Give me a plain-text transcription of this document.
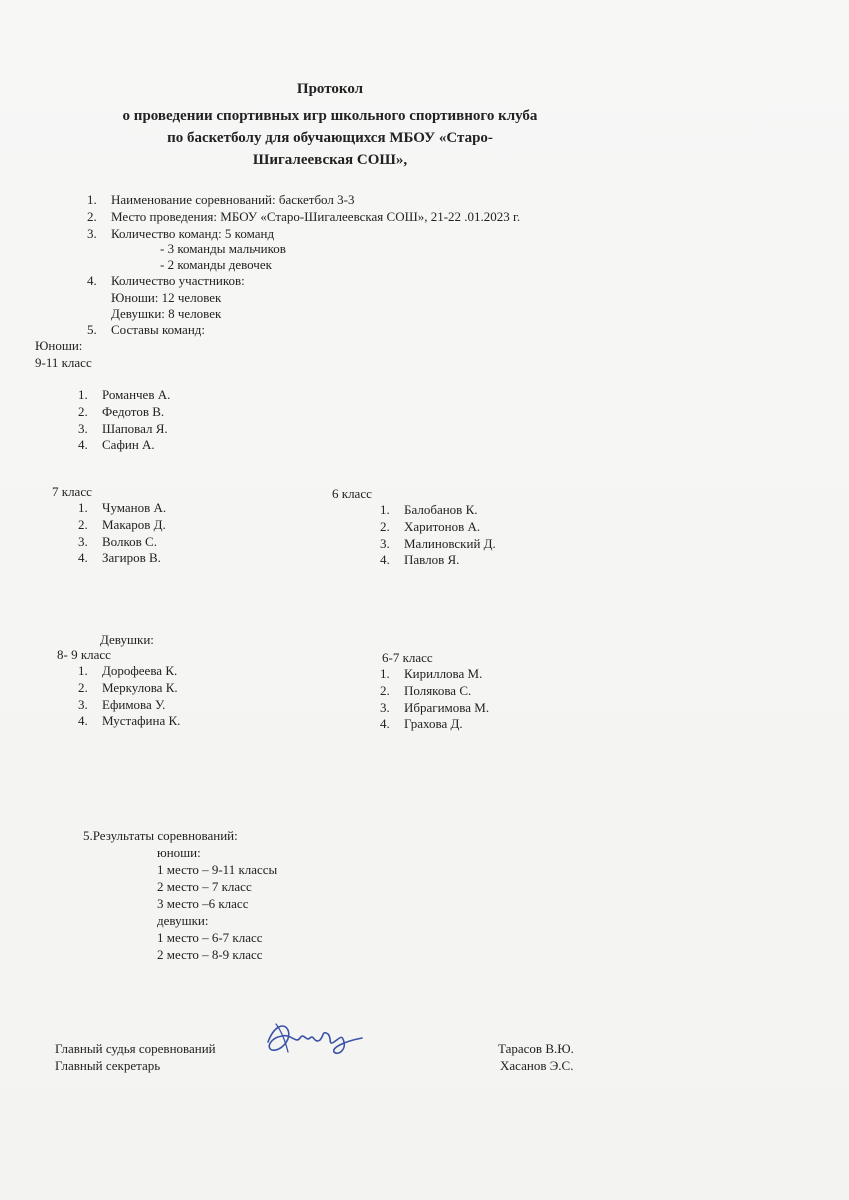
Протокол
о проведении спортивных игр школьного спортивного клуба
по баскетболу для обучающихся МБОУ «Старо-
Шигалеевская СОШ»,
1. Наименование соревнований: баскетбол 3-3
2. Место проведения: МБОУ «Старо-Шигалеевская СОШ», 21-22 .01.2023 г.
3. Количество команд: 5 команд
- 3 команды мальчиков
- 2 команды девочек
4. Количество участников:
Юноши: 12 человек
Девушки: 8 человек
5. Составы команд:
Юноши:
9-11 класс
1. Романчев А.
2. Федотов В.
3. Шаповал Я.
4. Сафин А.
7 класс
1. Чуманов А.
2. Макаров Д.
3. Волков С.
4. Загиров В.
6 класс
1. Балобанов К.
2. Харитонов А.
3. Малиновский Д.
4. Павлов Я.
Девушки:
8- 9 класс
1. Дорофеева К.
2. Меркулова К.
3. Ефимова У.
4. Мустафина К.
6-7 класс
1. Кириллова М.
2. Полякова С.
3. Ибрагимова М.
4. Грахова Д.
5.Результаты соревнований:
юноши:
1 место – 9-11 классы
2 место – 7 класс
3 место –6 класс
девушки:
1 место – 6-7 класс
2 место – 8-9 класс
Главный судья соревнований
Главный секретарь
Тарасов В.Ю.
Хасанов Э.С.
